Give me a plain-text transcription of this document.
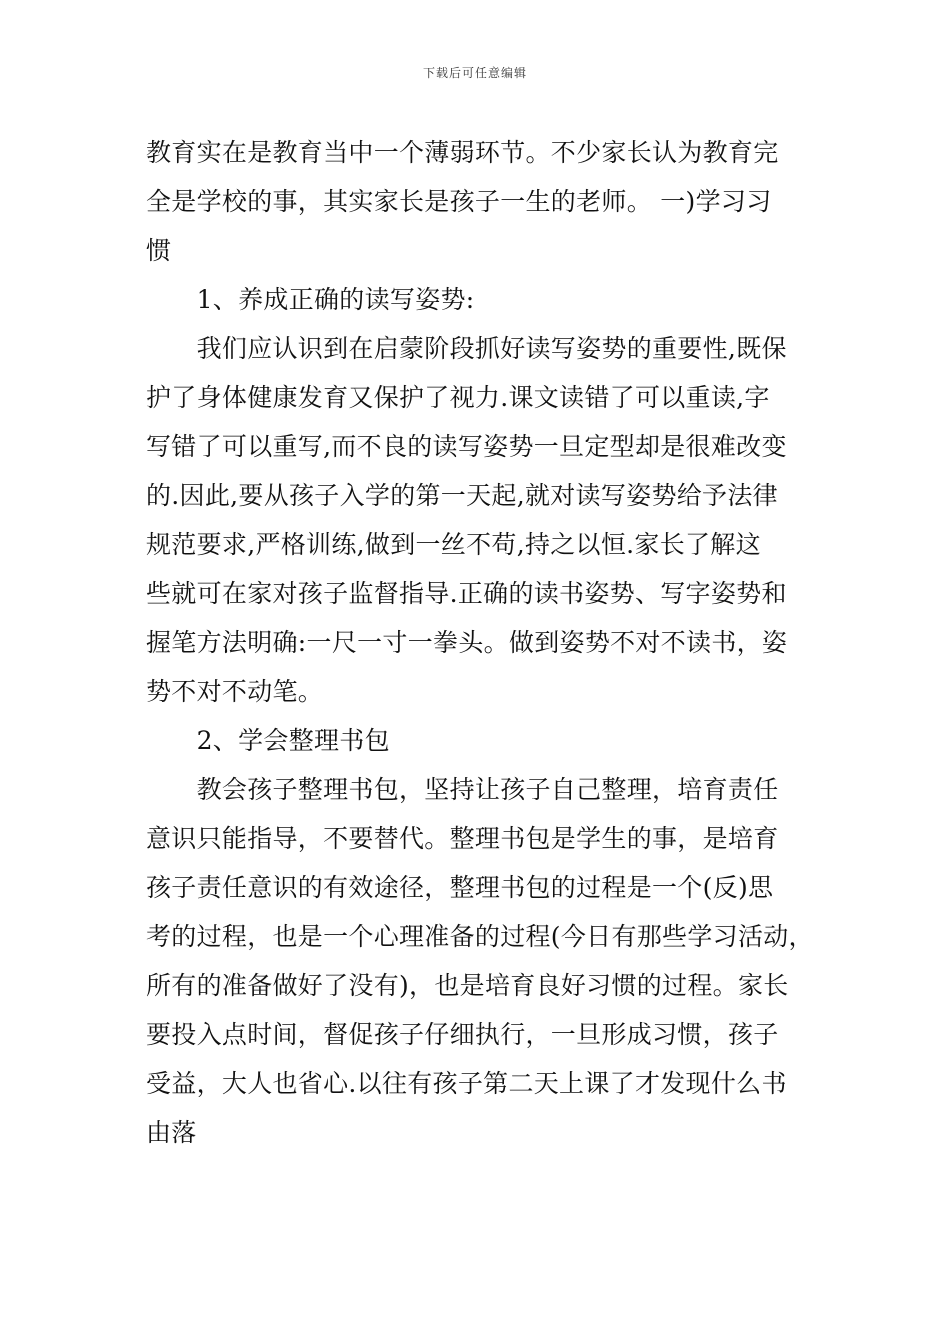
下载后可任意编辑
教育实在是教育当中一个薄弱环节。不少家长认为教育完
全是学校的事，其实家长是孩子一生的老师。 一)学习习
惯
　　1、养成正确的读写姿势:
　　我们应认识到在启蒙阶段抓好读写姿势的重要性,既保
护了身体健康发育又保护了视力.课文读错了可以重读,字
写错了可以重写,而不良的读写姿势一旦定型却是很难改变
的.因此,要从孩子入学的第一天起,就对读写姿势给予法律
规范要求,严格训练,做到一丝不苟,持之以恒.家长了解这
些就可在家对孩子监督指导.正确的读书姿势、写字姿势和
握笔方法明确:一尺一寸一拳头。做到姿势不对不读书，姿
势不对不动笔。
　　2、学会整理书包
　　教会孩子整理书包，坚持让孩子自己整理，培育责任
意识只能指导，不要替代。整理书包是学生的事，是培育
孩子责任意识的有效途径，整理书包的过程是一个(反)思
考的过程，也是一个心理准备的过程(今日有那些学习活动，
所有的准备做好了没有)，也是培育良好习惯的过程。家长
要投入点时间，督促孩子仔细执行，一旦形成习惯，孩子
受益，大人也省心.以往有孩子第二天上课了才发现什么书
由落
